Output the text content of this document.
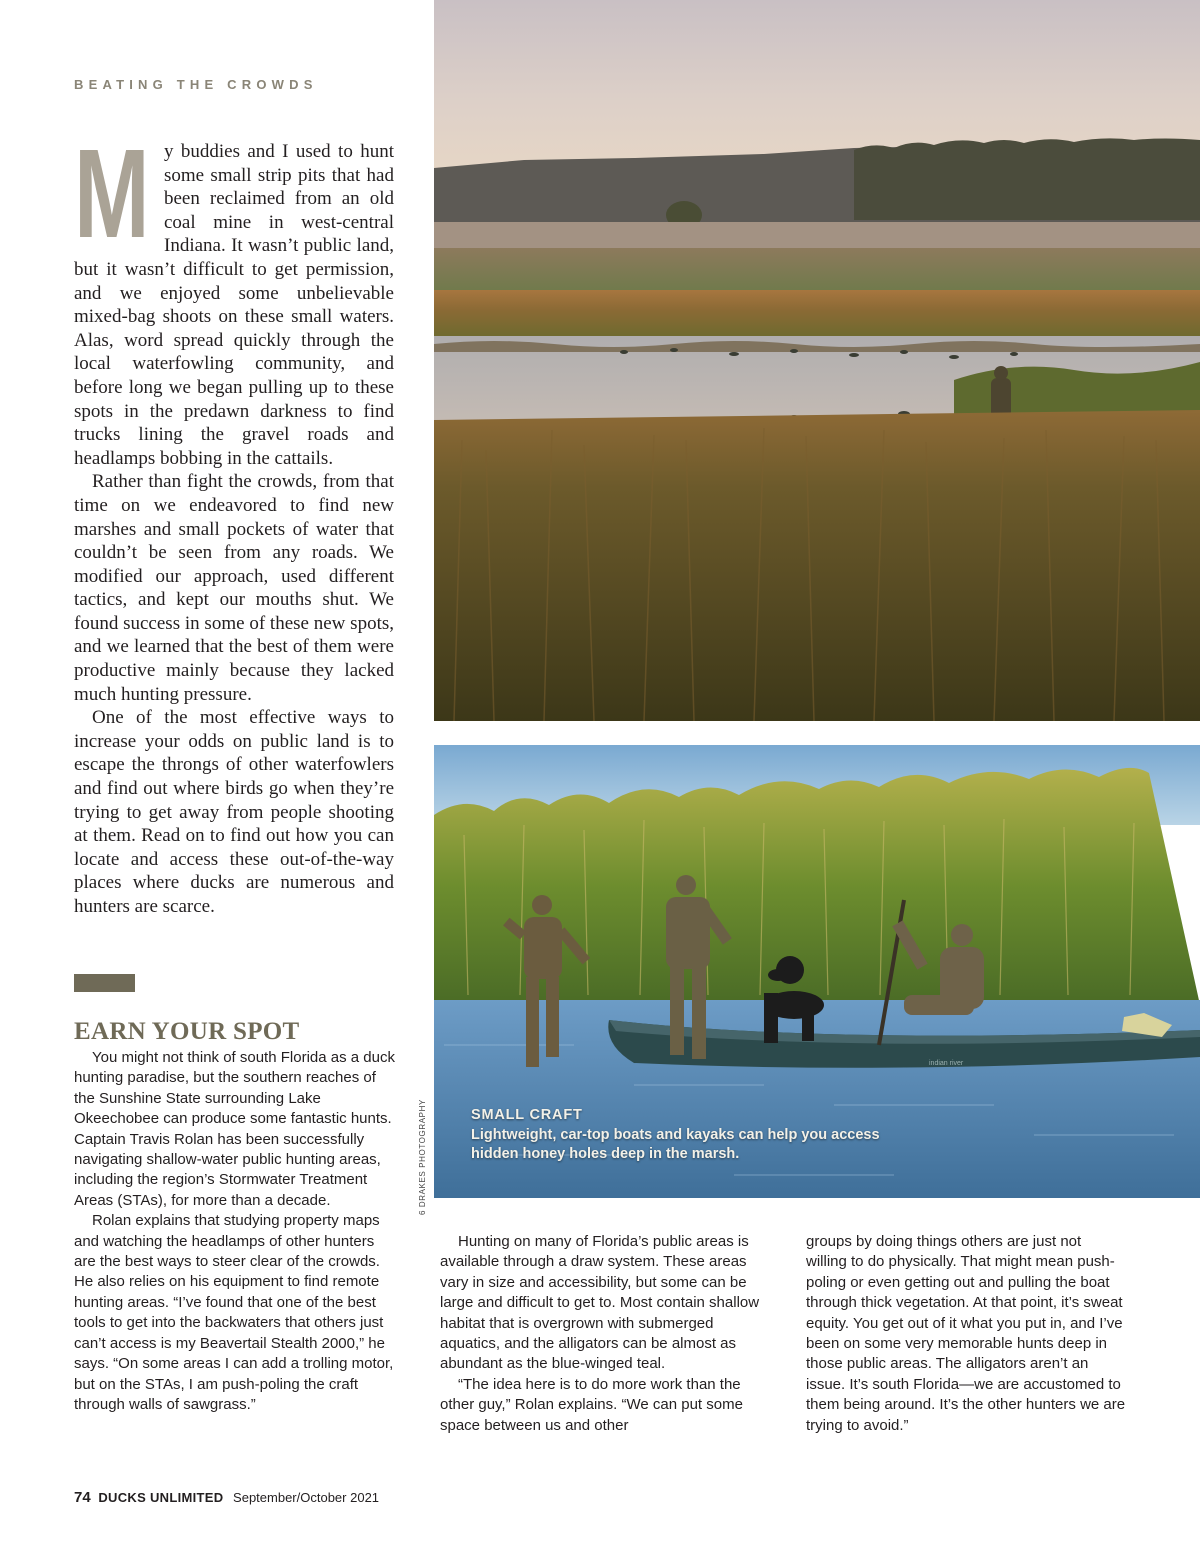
BEATING THE CROWDS

My buddies and I used to hunt some small strip pits that had been reclaimed from an old coal mine in west-central Indiana. It wasn’t public land, but it wasn’t difficult to get permission, and we enjoyed some unbelievable mixed-bag shoots on these small waters. Alas, word spread quickly through the local waterfowling community, and before long we began pulling up to these spots in the predawn darkness to find trucks lining the gravel roads and headlamps bobbing in the cattails.

Rather than fight the crowds, from that time on we endeavored to find new marshes and small pockets of water that couldn’t be seen from any roads. We modified our approach, used different tactics, and kept our mouths shut. We found success in some of these new spots, and we learned that the best of them were productive mainly because they lacked much hunting pressure.

One of the most effective ways to increase your odds on public land is to escape the throngs of other waterfowlers and find out where birds go when they’re trying to get away from people shooting at them. Read on to find out how you can locate and access these out-of-the-way places where ducks are numerous and hunters are scarce.

EARN YOUR SPOT

You might not think of south Florida as a duck hunting paradise, but the southern reaches of the Sunshine State surrounding Lake Okeechobee can produce some fantastic hunts. Captain Travis Rolan has been successfully navigating shallow-water public hunting areas, including the region’s Stormwater Treatment Areas (STAs), for more than a decade.

Rolan explains that studying property maps and watching the headlamps of other hunters are the best ways to steer clear of the crowds. He also relies on his equipment to find remote hunting areas. “I’ve found that one of the best tools to get into the backwaters that others just can’t access is my Beavertail Stealth 2000,” he says. “On some areas I can add a trolling motor, but on the STAs, I am push-poling the craft through walls of sawgrass.”

Hunting on many of Florida’s public areas is available through a draw system. These areas vary in size and accessibility, but some can be large and difficult to get to. Most contain shallow habitat that is overgrown with submerged aquatics, and the alligators can be almost as abundant as the blue-winged teal.

“The idea here is to do more work than the other guy,” Rolan explains. “We can put some space between us and other

groups by doing things others are just not willing to do physically. That might mean push-poling or even getting out and pulling the boat through thick vegetation. At that point, it’s sweat equity. You get out of it what you put in, and I’ve been on some very memorable hunts deep in those public areas. The alligators aren’t an issue. It’s south Florida—we are accustomed to them being around. It’s the other hunters we are trying to avoid.”

indian river
6 DRAKES PHOTOGRAPHY	SMALL CRAFT
Lightweight, car-top boats and kayaks can help you access hidden honey holes deep in the marsh.
74 DUCKS UNLIMITED September/October 2021
